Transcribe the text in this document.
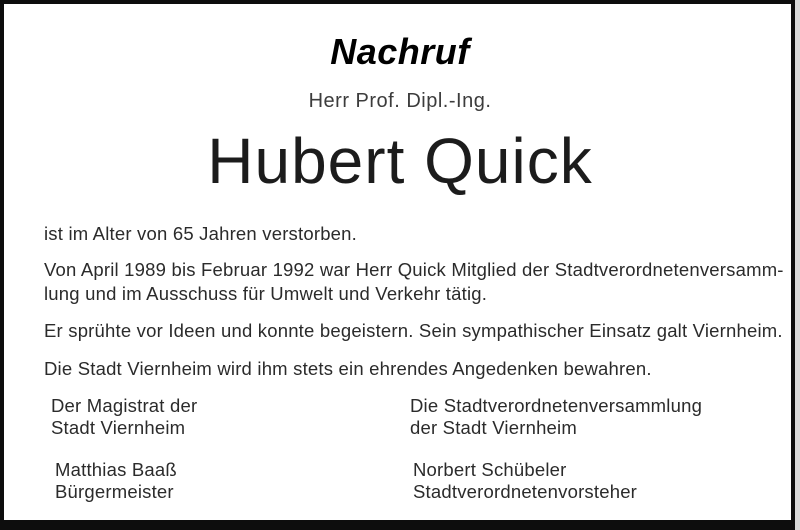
Nachruf
Herr Prof. Dipl.-Ing.
Hubert Quick
ist im Alter von 65 Jahren verstorben.
Von April 1989 bis Februar 1992 war Herr Quick Mitglied der Stadtverordnetenversamm-
lung und im Ausschuss für Umwelt und Verkehr tätig.
Er sprühte vor Ideen und konnte begeistern. Sein sympathischer Einsatz galt Viernheim.
Die Stadt Viernheim wird ihm stets ein ehrendes Angedenken bewahren.
Der Magistrat der
Stadt Viernheim
Die Stadtverordnetenversammlung
der Stadt Viernheim
Matthias Baaß
Bürgermeister
Norbert Schübeler
Stadtverordnetenvorsteher
